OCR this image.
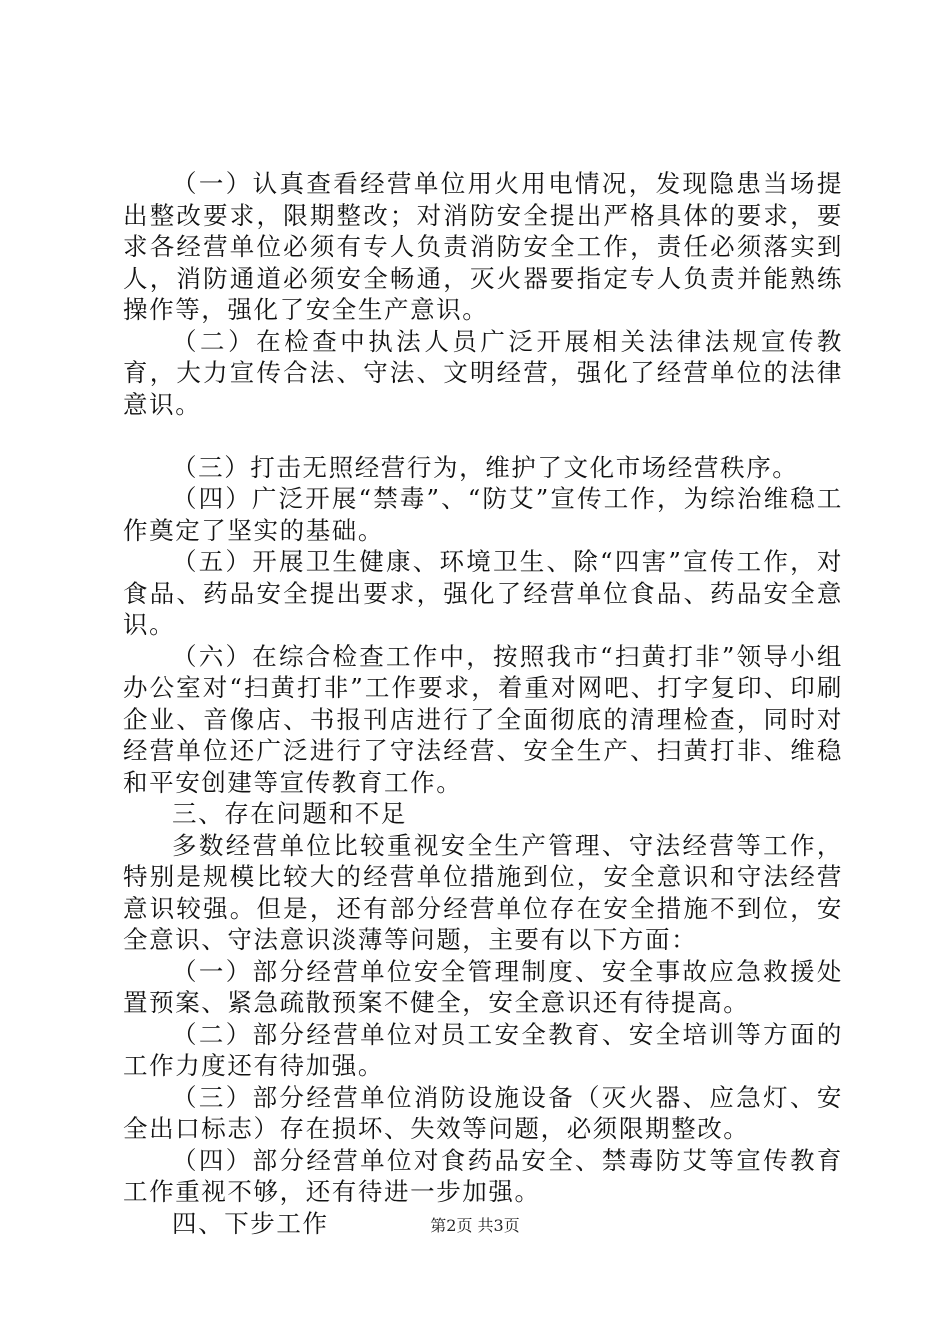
（一）认真查看经营单位用火用电情况，发现隐患当场提出整改要求，限期整改；对消防安全提出严格具体的要求，要求各经营单位必须有专人负责消防安全工作，责任必须落实到人，消防通道必须安全畅通，灭火器要指定专人负责并能熟练操作等，强化了安全生产意识。

（二）在检查中执法人员广泛开展相关法律法规宣传教育，大力宣传合法、守法、文明经营，强化了经营单位的法律意识。

（三）打击无照经营行为，维护了文化市场经营秩序。

（四）广泛开展“禁毒”、“防艾”宣传工作，为综治维稳工作奠定了坚实的基础。

（五）开展卫生健康、环境卫生、除“四害”宣传工作，对食品、药品安全提出要求，强化了经营单位食品、药品安全意识。

（六）在综合检查工作中，按照我市“扫黄打非”领导小组办公室对“扫黄打非”工作要求，着重对网吧、打字复印、印刷企业、音像店、书报刊店进行了全面彻底的清理检查，同时对经营单位还广泛进行了守法经营、安全生产、扫黄打非、维稳和平安创建等宣传教育工作。

三、存在问题和不足

多数经营单位比较重视安全生产管理、守法经营等工作，特别是规模比较大的经营单位措施到位，安全意识和守法经营意识较强。但是，还有部分经营单位存在安全措施不到位，安全意识、守法意识淡薄等问题，主要有以下方面：

（一）部分经营单位安全管理制度、安全事故应急救援处置预案、紧急疏散预案不健全，安全意识还有待提高。

（二）部分经营单位对员工安全教育、安全培训等方面的工作力度还有待加强。

（三）部分经营单位消防设施设备（灭火器、应急灯、安全出口标志）存在损坏、失效等问题，必须限期整改。

（四）部分经营单位对食药品安全、禁毒防艾等宣传教育工作重视不够，还有待进一步加强。

四、下步工作	第2页 共3页
